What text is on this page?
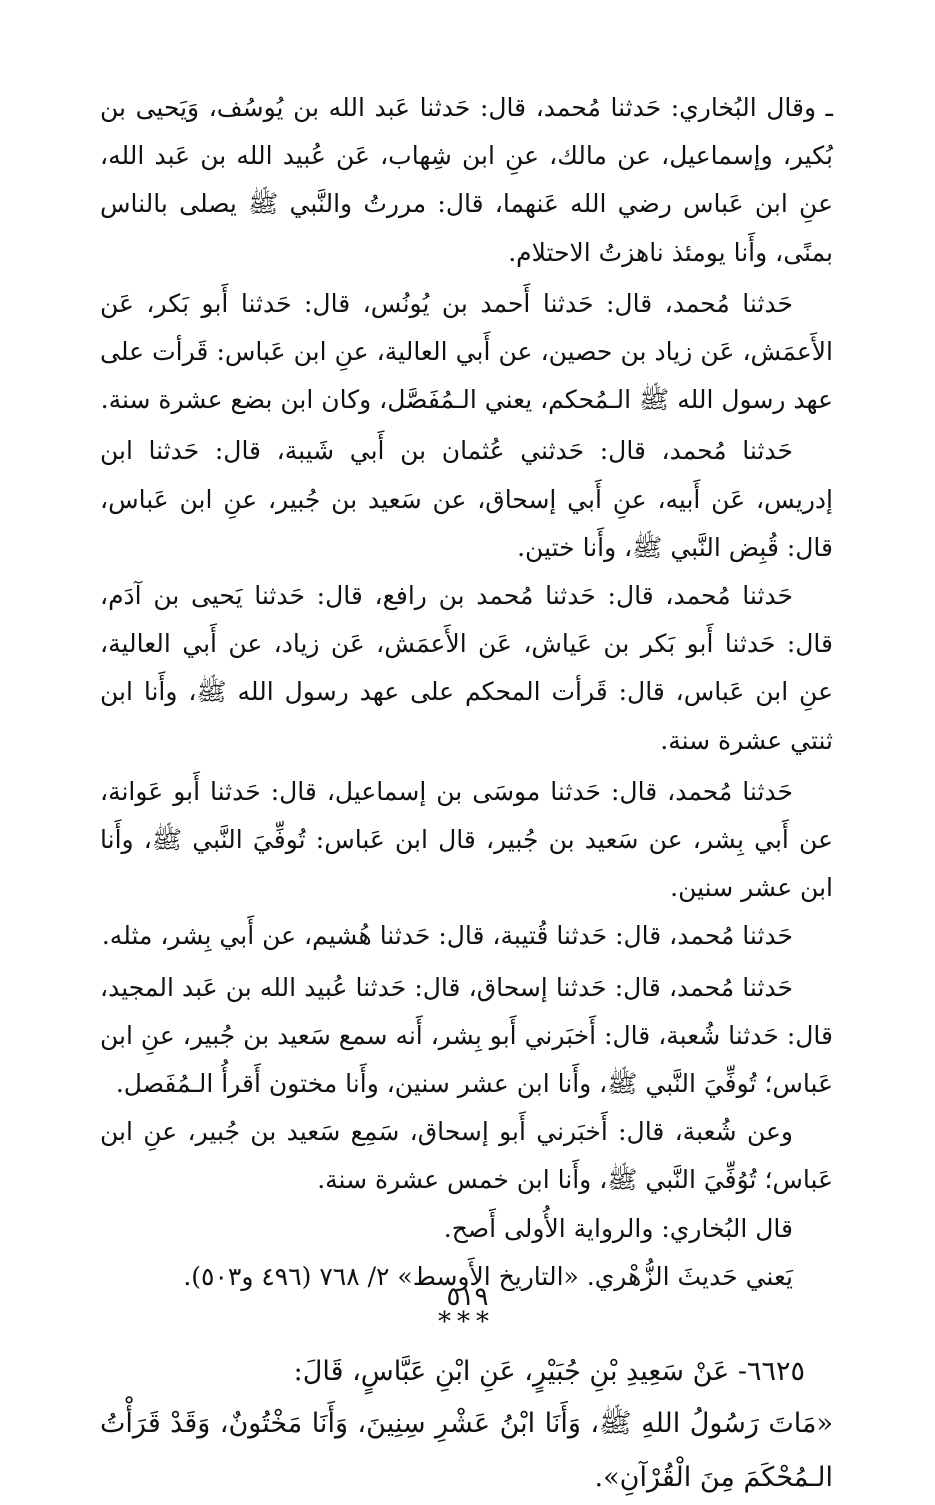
ـ وقال البُخاري: حَدثنا مُحمد، قال: حَدثنا عَبد الله بن يُوسُف، وَيَحيى بن بُكير، وإسماعيل، عن مالك، عنِ ابن شِهاب، عَن عُبيد الله بن عَبد الله، عنِ ابن عَباس رضي الله عَنهما، قال: مررتُ والنَّبي ﷺ يصلى بالناس بمنًى، وأَنا يومئذ ناهزتُ الاحتلام.

حَدثنا مُحمد، قال: حَدثنا أَحمد بن يُونُس، قال: حَدثنا أَبو بَكر، عَن الأَعمَش، عَن زياد بن حصين، عن أَبي العالية، عنِ ابن عَباس: قَرأت على عهد رسول الله ﷺ الـمُحكم، يعني الـمُفَصَّل، وكان ابن بضع عشرة سنة.

حَدثنا مُحمد، قال: حَدثني عُثمان بن أَبي شَيبة، قال: حَدثنا ابن إدريس، عَن أَبيه، عنِ أَبي إسحاق، عن سَعيد بن جُبير، عنِ ابن عَباس، قال: قُبِض النَّبي ﷺ، وأَنا ختين.

حَدثنا مُحمد، قال: حَدثنا مُحمد بن رافع، قال: حَدثنا يَحيى بن آدَم، قال: حَدثنا أَبو بَكر بن عَياش، عَن الأَعمَش، عَن زياد، عن أَبي العالية، عنِ ابن عَباس، قال: قَرأت المحكم على عهد رسول الله ﷺ، وأَنا ابن ثنتي عشرة سنة.

حَدثنا مُحمد، قال: حَدثنا موسَى بن إسماعيل، قال: حَدثنا أَبو عَوانة، عن أَبي بِشر، عن سَعيد بن جُبير، قال ابن عَباس: تُوفِّيَ النَّبي ﷺ، وأَنا ابن عشر سنين.

حَدثنا مُحمد، قال: حَدثنا قُتيبة، قال: حَدثنا هُشيم، عن أَبي بِشر، مثله.

حَدثنا مُحمد، قال: حَدثنا إسحاق، قال: حَدثنا عُبيد الله بن عَبد المجيد، قال: حَدثنا شُعبة، قال: أَخبَرني أَبو بِشر، أَنه سمع سَعيد بن جُبير، عنِ ابن عَباس؛ تُوفِّيَ النَّبي ﷺ، وأَنا ابن عشر سنين، وأَنا مختون أَقرأُ الـمُفَصل.

وعن شُعبة، قال: أَخبَرني أَبو إسحاق، سَمِع سَعيد بن جُبير، عنِ ابن عَباس؛ تُوُفِّيَ النَّبي ﷺ، وأَنا ابن خمس عشرة سنة.

قال البُخاري: والرواية الأُولى أَصح.

يَعني حَديثَ الزُّهْري. «التاريخ الأَوسط» ٢/ ٧٦٨ (٤٩٦ و٥٠٣).

***

٦٦٢٥- عَنْ سَعِيدِ بْنِ جُبَيْرٍ، عَنِ ابْنِ عَبَّاسٍ، قَالَ:

«مَاتَ رَسُولُ اللهِ ﷺ، وَأَنَا ابْنُ عَشْرِ سِنِينَ، وَأَنَا مَخْتُونٌ، وَقَدْ قَرَأْتُ الـمُحْكَمَ مِنَ الْقُرْآنِ».

٥١٩
